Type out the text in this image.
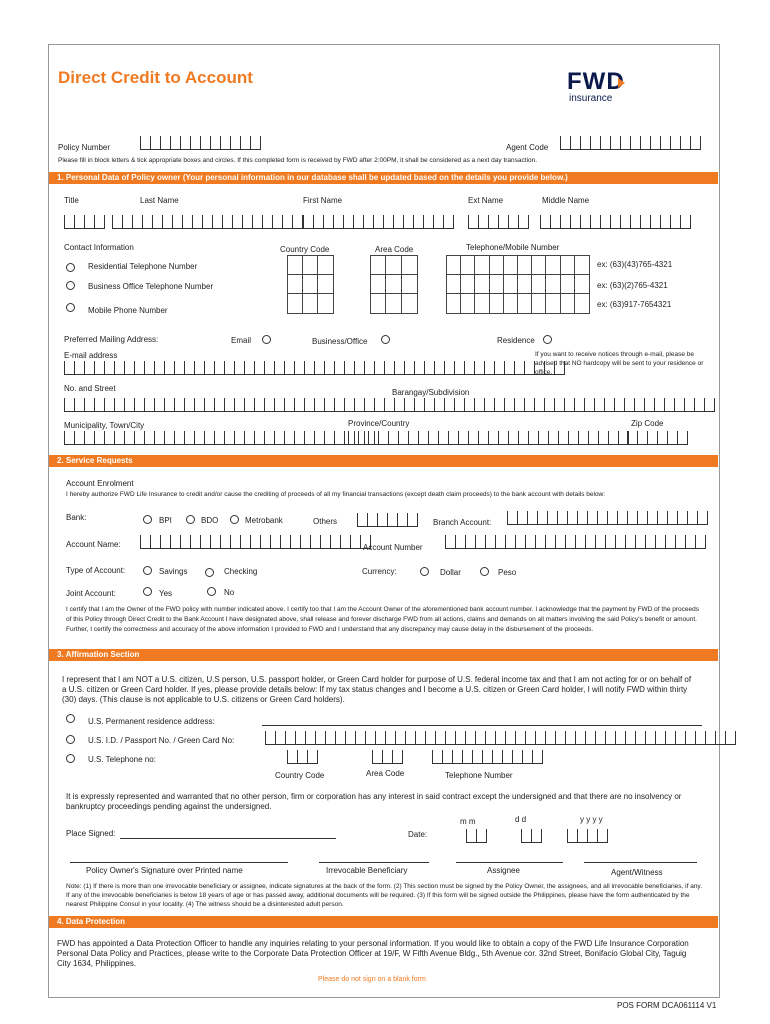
Direct Credit to Account	FWD
insurance
Policy Number	Agent Code
Please fill in block letters & tick appropriate boxes and circles. If this completed form is received by FWD after 2:00PM, it shall be considered as a next day transaction.
1. Personal Data of Policy owner (Your personal information in our database shall be updated based on the details you provide below.)
Title	Last Name	First Name	Ext Name	Middle Name
Contact Information	Country Code	Area Code	Telephone/Mobile Number
Residential Telephone Number
Business Office Telephone Number
Mobile Phone Number
ex: (63)(43)765-4321
ex: (63)(2)765-4321
ex: (63)917-7654321
Preferred Mailing Address:	Email	Business/Office	Residence
E-mail address	If you want to receive notices through e-mail, please be advised that NO hardcopy will be sent to your residence or office.
No. and Street	Barangay/Subdivision
Municipality, Town/City	Province/Country	Zip Code
2. Service Requests
Account Enrolment
I hereby authorize FWD Life Insurance to credit and/or cause the crediting of proceeds of all my financial transactions (except death claim proceeds) to the bank account with details below:
Bank:	BPI	BDO	Metrobank	Others	Branch Account:
Account Name:	Account Number
Type of Account:	Savings	Checking	Currency:	Dollar	Peso
Joint Account:	Yes	No
I certify that I am the Owner of the FWD policy with number indicated above. I certify too that I am the Account Owner of the aforementioned bank account number. I acknowledge that the payment by FWD of the proceeds of this Policy through Direct Credit to the Bank Account I have designated above, shall release and forever discharge FWD from all actions, claims and demands on all matters involving the said Policy's benefit or amount. Further, I certify the correctness and accuracy of the above information I provided to FWD and I understand that any discrepancy may cause delay in the disbursement of the proceeds.
3. Affirmation Section
I represent that I am NOT a U.S. citizen, U.S person, U.S. passport holder, or Green Card holder for purpose of U.S. federal income tax and that I am not acting for or on behalf of a U.S. citizen or Green Card holder. If yes, please provide details below: If my tax status changes and I become a U.S. citizen or Green Card holder, I will notify FWD within thirty (30) days. (This clause is not applicable to U.S. citizens or Green Card holders).
U.S. Permanent residence address:
U.S. I.D. / Passport No. / Green Card No:
U.S. Telephone no:
Country Code	Area Code	Telephone Number
It is expressly represented and warranted that no other person, firm or corporation has any interest in said contract except the undersigned and that there are no insolvency or bankruptcy proceedings pending against the undersigned.
m m	d d	y y y y
Place Signed:	Date:
Policy Owner's Signature over Printed name	Irrevocable Beneficiary	Assignee	Agent/Witness
Note: (1) If there is more than one irrevocable beneficiary or assignee, indicate signatures at the back of the form. (2) This section must be signed by the Policy Owner, the assignees, and all irrevocable beneficiaries, if any. If any of the irrevocable beneficiaries is below 18 years of age or has passed away, additional documents will be required. (3) If this form will be signed outside the Philippines, please have the form authenticated by the nearest Philippine Consul in your locality. (4) The witness should be a disinterested adult person.
4. Data Protection
FWD has appointed a Data Protection Officer to handle any inquiries relating to your personal information. If you would like to obtain a copy of the FWD Life Insurance Corporation Personal Data Policy and Practices, please write to the Corporate Data Protection Officer at 19/F, W Fifth Avenue Bldg., 5th Avenue cor. 32nd Street, Bonifacio Global City, Taguig City 1634, Philippines.
Please do not sign on a blank form
POS FORM DCA061114 V1
